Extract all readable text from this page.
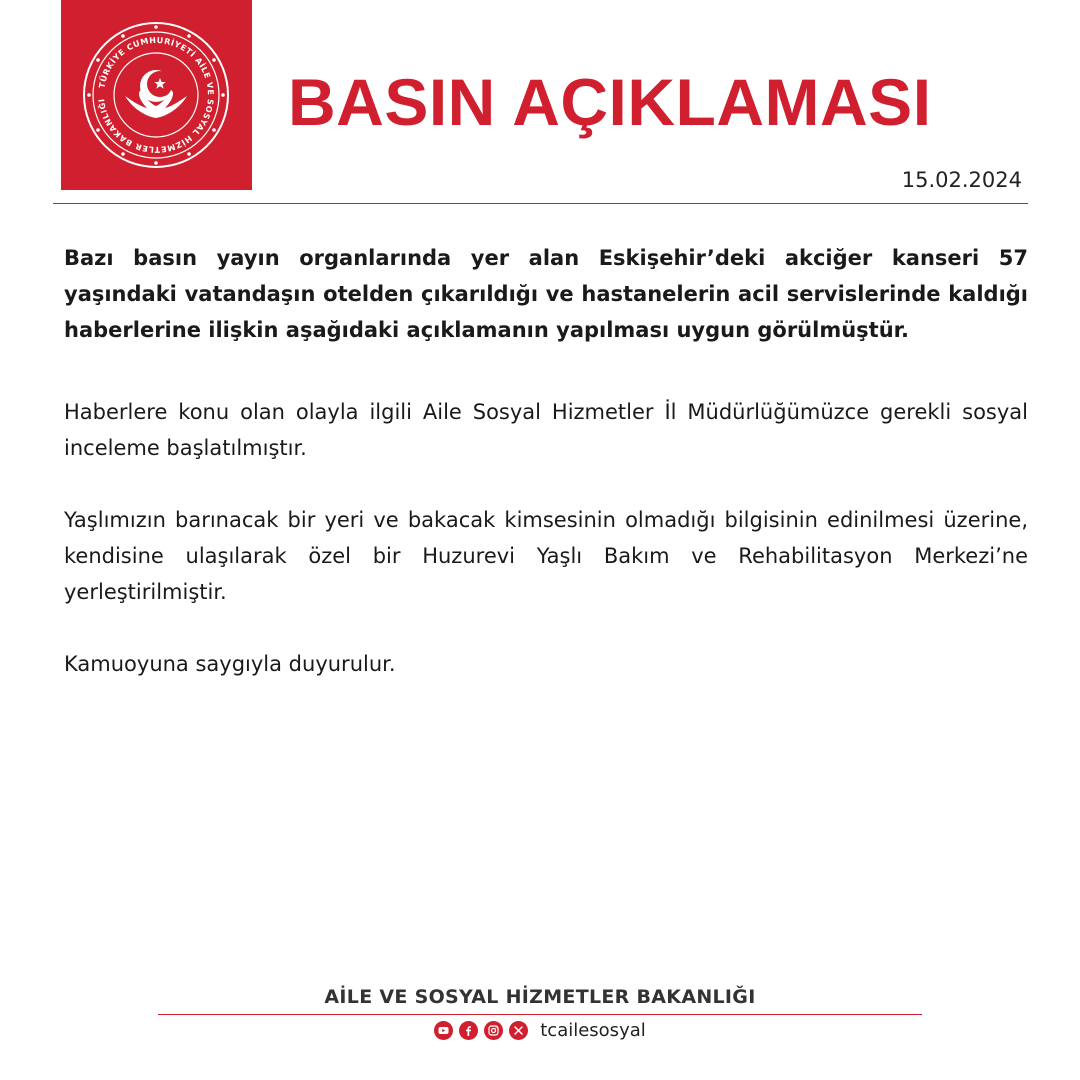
TÜRKİYE CUMHURİYETİ AİLE VE SOSYAL HİZMETLER BAKANLIĞI	BASIN AÇIKLAMASI
15.02.2024

Bazı basın yayın organlarında yer alan Eskişehir’deki akciğer kanseri 57 yaşındaki vatandaşın otelden çıkarıldığı ve hastanelerin acil servislerinde kaldığı haberlerine ilişkin aşağıdaki açıklamanın yapılması uygun görülmüştür.

Haberlere konu olan olayla ilgili Aile Sosyal Hizmetler İl Müdürlüğümüzce gerekli sosyal inceleme başlatılmıştır.

Yaşlımızın barınacak bir yeri ve bakacak kimsesinin olmadığı bilgisinin edinilmesi üzerine, kendisine ulaşılarak özel bir Huzurevi Yaşlı Bakım ve Rehabilitasyon Merkezi’ne yerleştirilmiştir.

Kamuoyuna saygıyla duyurulur.

AİLE VE SOSYAL HİZMETLER BAKANLIĞI
tcailesosyal
